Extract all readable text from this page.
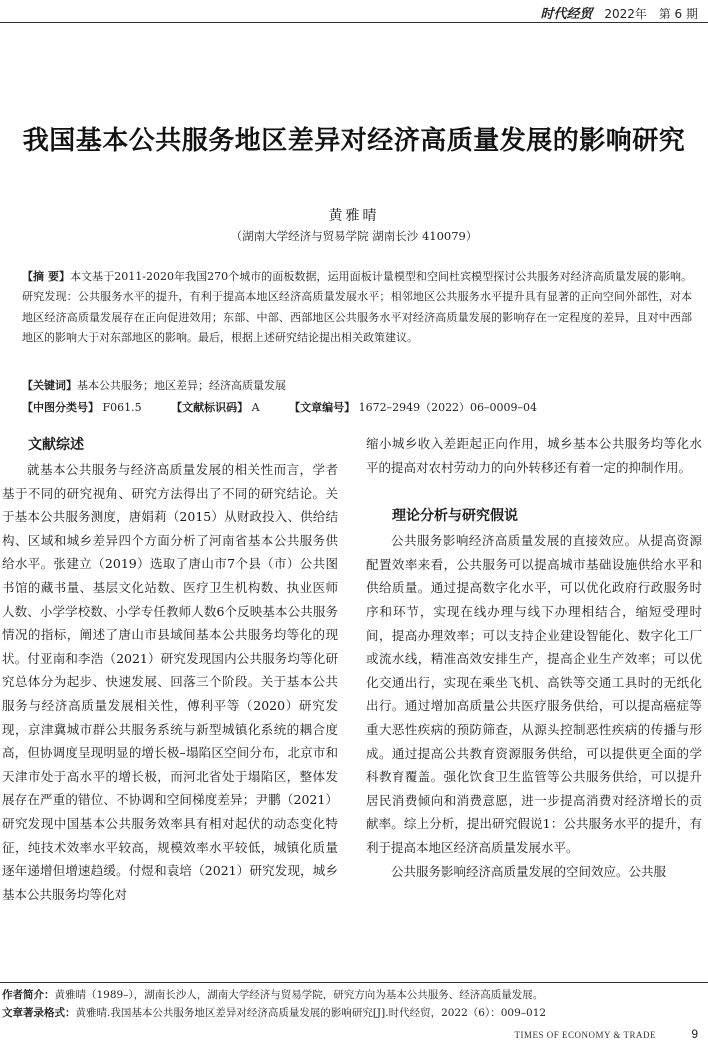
时代经贸 2022年 第 6 期
我国基本公共服务地区差异对经济高质量发展的影响研究
黄雅晴
（湖南大学经济与贸易学院 湖南长沙 410079）
【摘 要】本文基于2011-2020年我国270个城市的面板数据，运用面板计量模型和空间杜宾模型探讨公共服务对经济高质量发展的影响。研究发现：公共服务水平的提升，有利于提高本地区经济高质量发展水平；相邻地区公共服务水平提升具有显著的正向空间外部性，对本地区经济高质量发展存在正向促进效用；东部、中部、西部地区公共服务水平对经济高质量发展的影响存在一定程度的差异，且对中西部地区的影响大于对东部地区的影响。最后，根据上述研究结论提出相关政策建议。
【关键词】基本公共服务；地区差异；经济高质量发展
【中图分类号】 F061.5	【文献标识码】 A	【文章编号】 1672–2949（2022）06–0009–04
文献综述

就基本公共服务与经济高质量发展的相关性而言，学者基于不同的研究视角、研究方法得出了不同的研究结论。关于基本公共服务测度，唐娟莉（2015）从财政投入、供给结构、区域和城乡差异四个方面分析了河南省基本公共服务供给水平。张建立（2019）选取了唐山市7个县（市）公共图书馆的藏书量、基层文化站数、医疗卫生机构数、执业医师人数、小学学校数、小学专任教师人数6个反映基本公共服务情况的指标，阐述了唐山市县域间基本公共服务均等化的现状。付亚南和李浩（2021）研究发现国内公共服务均等化研究总体分为起步、快速发展、回落三个阶段。关于基本公共服务与经济高质量发展相关性，傅利平等（2020）研究发现，京津冀城市群公共服务系统与新型城镇化系统的耦合度高，但协调度呈现明显的增长极–塌陷区空间分布，北京市和天津市处于高水平的增长极，而河北省处于塌陷区，整体发展存在严重的错位、不协调和空间梯度差异；尹鹏（2021）研究发现中国基本公共服务效率具有相对起伏的动态变化特征，纯技术效率水平较高，规模效率水平较低，城镇化质量逐年递增但增速趋缓。付煜和袁培（2021）研究发现，城乡基本公共服务均等化对

缩小城乡收入差距起正向作用，城乡基本公共服务均等化水平的提高对农村劳动力的向外转移还有着一定的抑制作用。

理论分析与研究假说

公共服务影响经济高质量发展的直接效应。从提高资源配置效率来看，公共服务可以提高城市基础设施供给水平和供给质量。通过提高数字化水平，可以优化政府行政服务时序和环节，实现在线办理与线下办理相结合，缩短受理时间，提高办理效率；可以支持企业建设智能化、数字化工厂或流水线，精准高效安排生产，提高企业生产效率；可以优化交通出行，实现在乘坐飞机、高铁等交通工具时的无纸化出行。通过增加高质量公共医疗服务供给，可以提高癌症等重大恶性疾病的预防筛查，从源头控制恶性疾病的传播与形成。通过提高公共教育资源服务供给，可以提供更全面的学科教育覆盖。强化饮食卫生监管等公共服务供给，可以提升居民消费倾向和消费意愿，进一步提高消费对经济增长的贡献率。综上分析，提出研究假说1：公共服务水平的提升，有利于提高本地区经济高质量发展水平。

公共服务影响经济高质量发展的空间效应。公共服

作者简介：黄雅晴（1989–），湖南长沙人，湖南大学经济与贸易学院，研究方向为基本公共服务、经济高质量发展。
文章著录格式：黄雅晴.我国基本公共服务地区差异对经济高质量发展的影响研究[J].时代经贸，2022（6）：009–012
TIMES OF ECONOMY & TRADE	9
